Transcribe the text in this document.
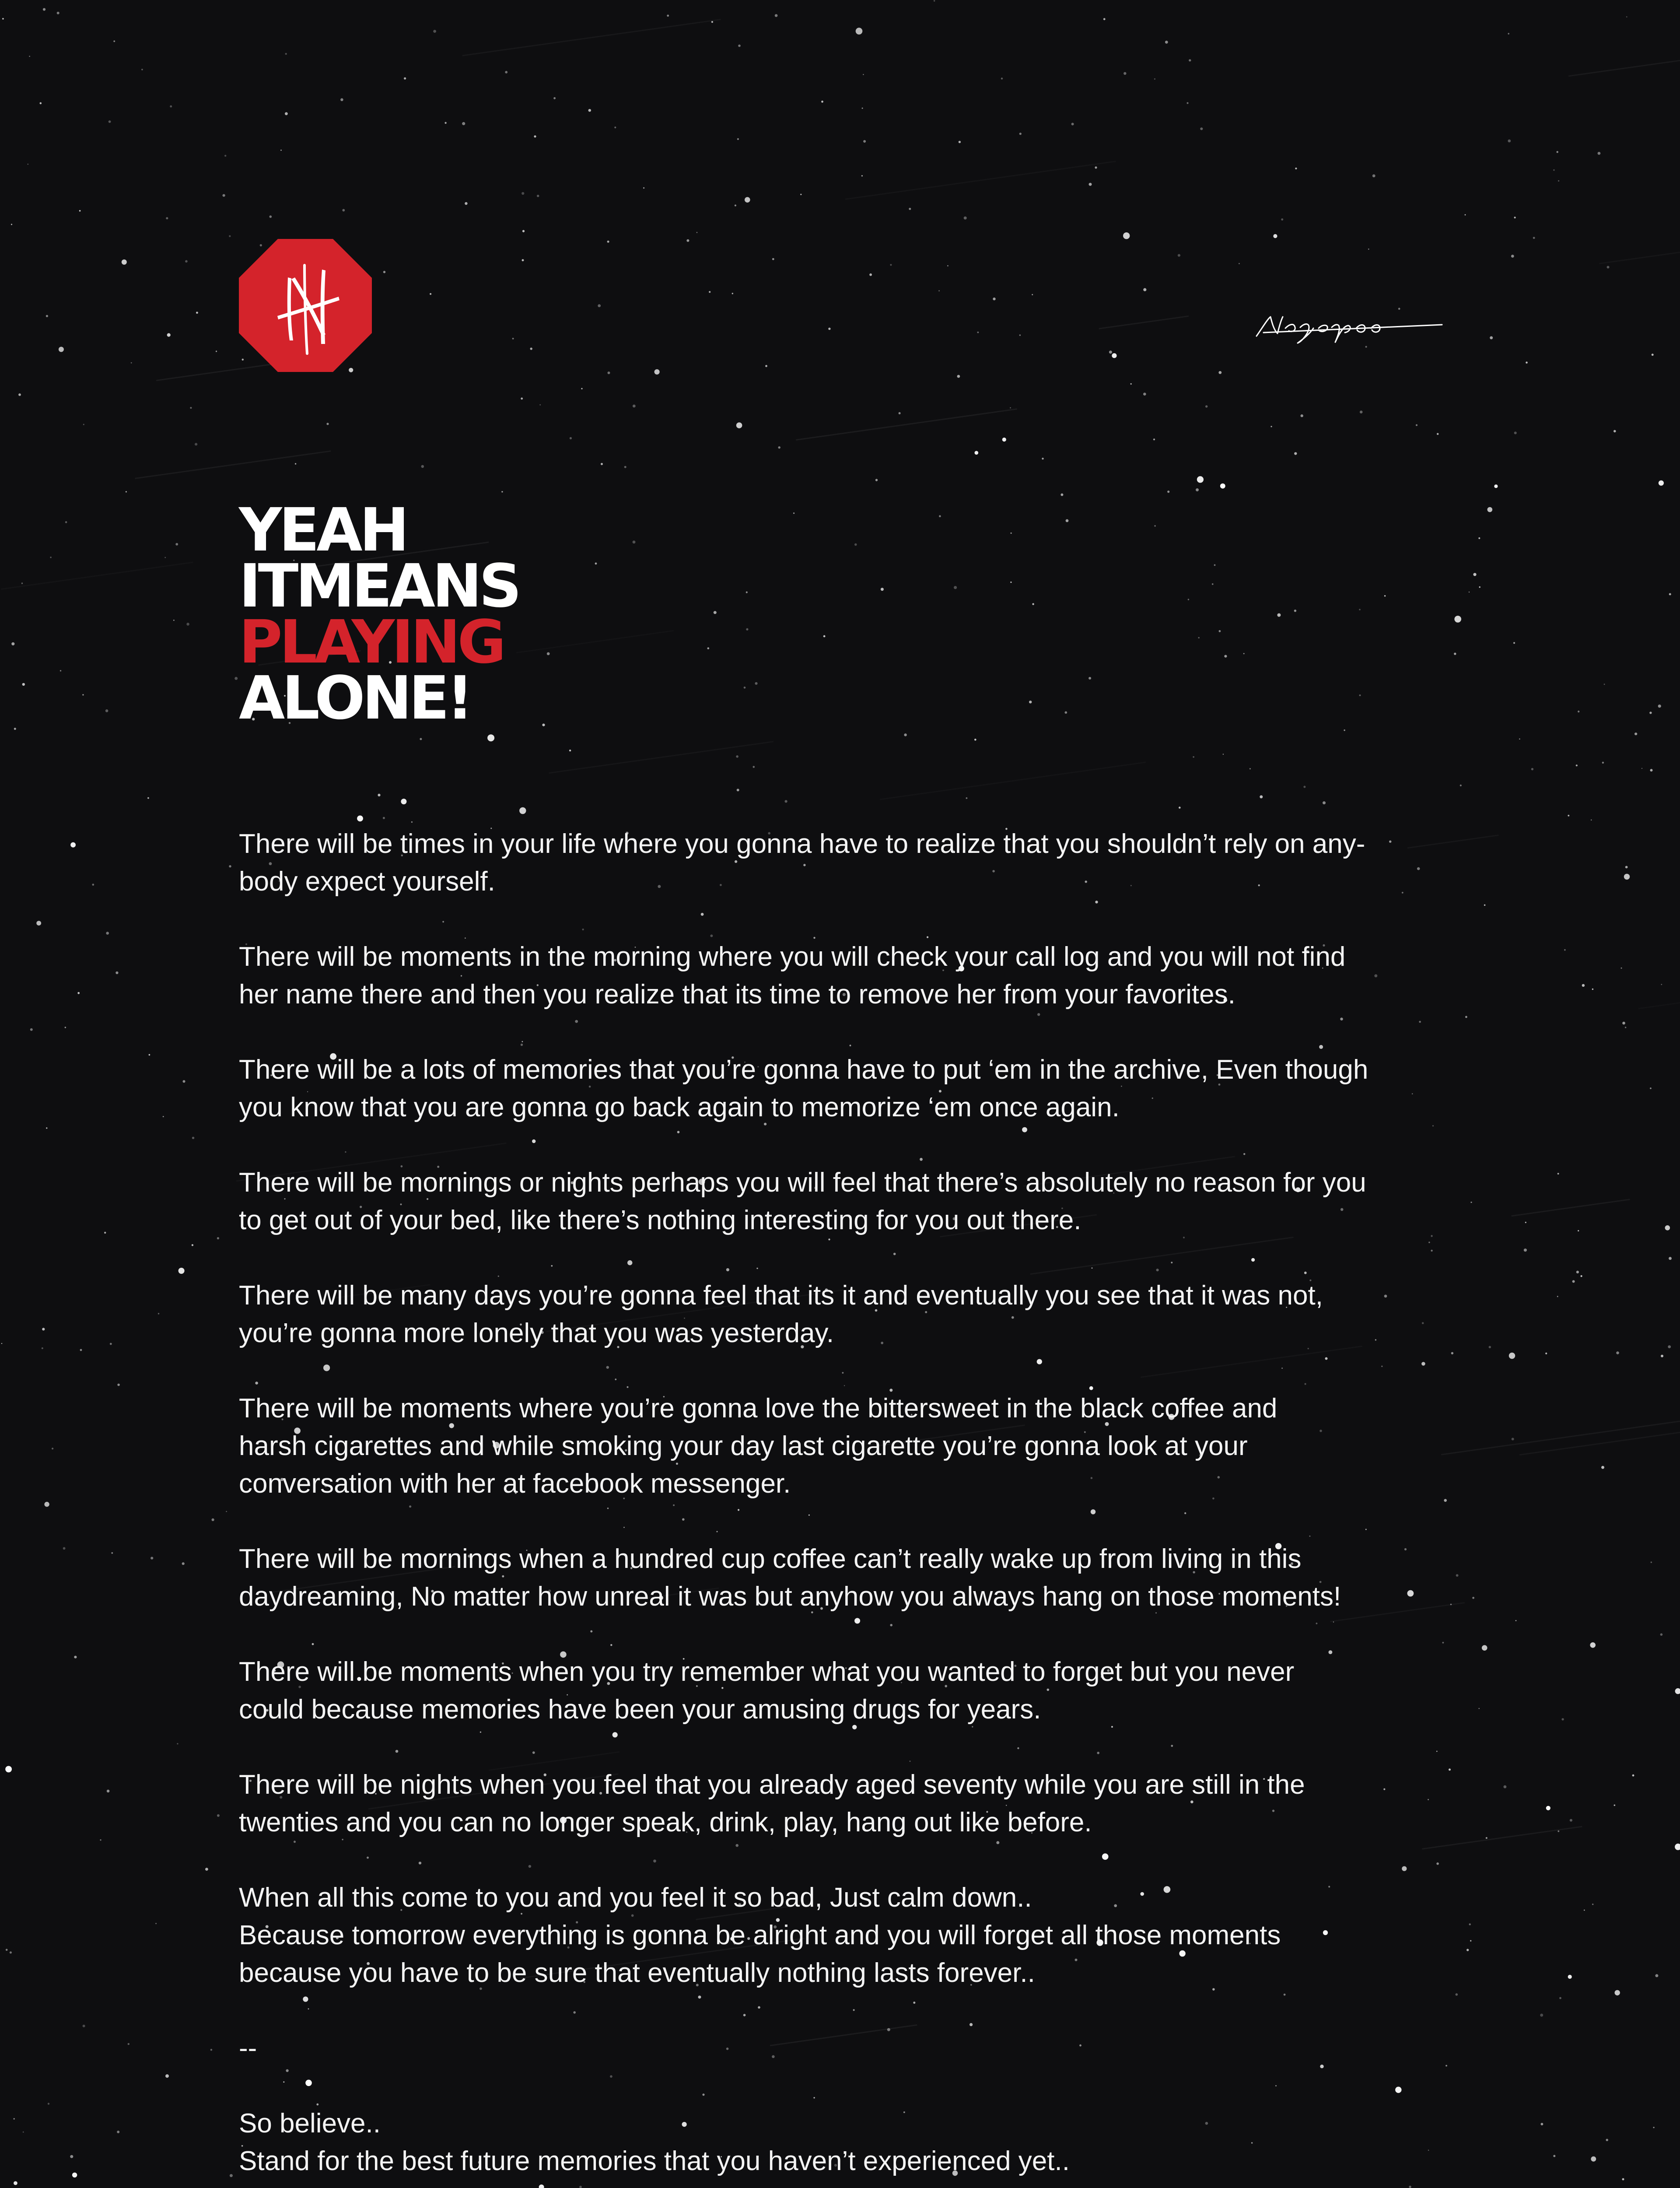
YEAH
ITMEANS
PLAYING
ALONE!

There will be times in your life where you gonna have to realize that you shouldn’t rely on any-
body expect yourself.

There will be moments in the morning where you will check your call log and you will not find
her name there and then you realize that its time to remove her from your favorites.

There will be a lots of memories that you’re gonna have to put ‘em in the archive, Even though
you know that you are gonna go back again to memorize ‘em once again.

There will be mornings or nights perhaps you will feel that there’s absolutely no reason for you
to get out of your bed, like there’s nothing interesting for you out there.

There will be many days you’re gonna feel that its it and eventually you see that it was not,
you’re gonna more lonely that you was yesterday.

There will be moments where you’re gonna love the bittersweet in the black coffee and
harsh cigarettes and while smoking your day last cigarette you’re gonna look at your
conversation with her at facebook messenger.

There will be mornings when a hundred cup coffee can’t really wake up from living in this
daydreaming, No matter how unreal it was but anyhow you always hang on those moments!

There will be moments when you try remember what you wanted to forget but you never
could because memories have been your amusing drugs for years.

There will be nights when you feel that you already aged seventy while you are still in the
twenties and you can no longer speak, drink, play, hang out like before.

When all this come to you and you feel it so bad, Just calm down..
Because tomorrow everything is gonna be alright and you will forget all those moments
because you have to be sure that eventually nothing lasts forever..

--

So believe..
Stand for the best future memories that you haven’t experienced yet..
